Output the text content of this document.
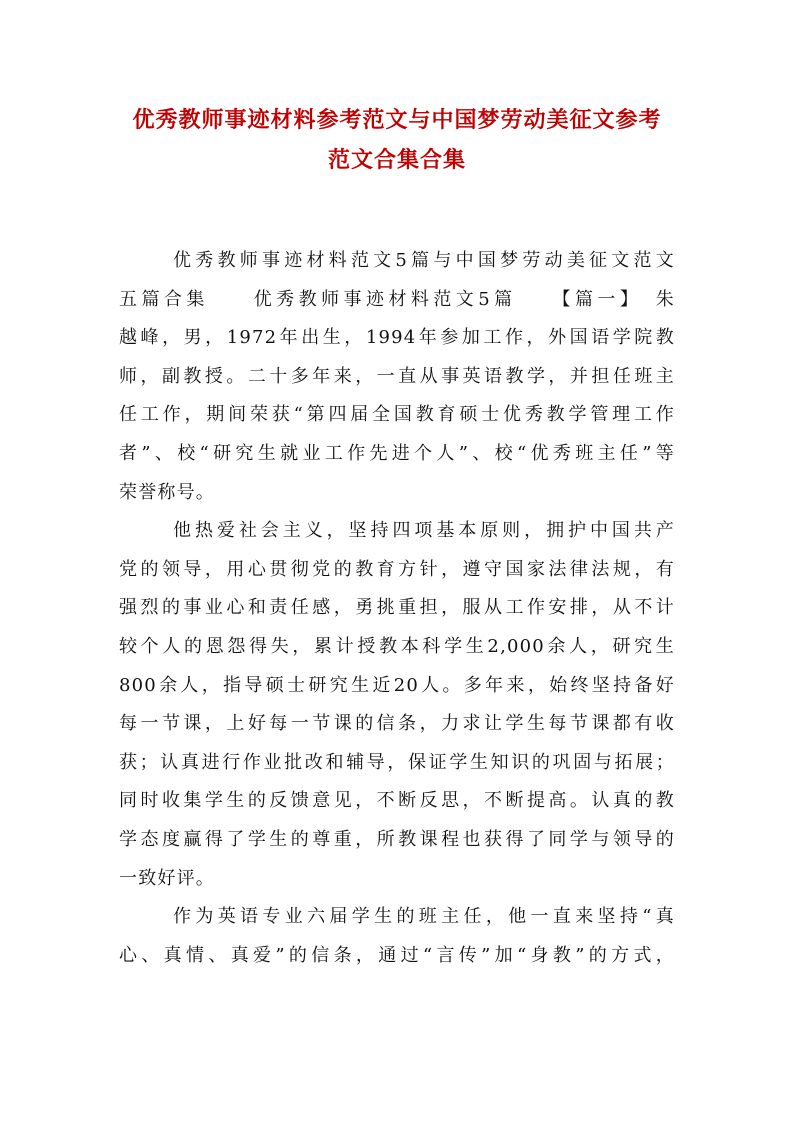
优秀教师事迹材料参考范文与中国梦劳动美征文参考
范文合集合集

优秀教师事迹材料范文5篇与中国梦劳动美征文范文
五篇合集　　优秀教师事迹材料范文5篇　　【篇一】　朱
越峰，男，1972年出生，1994年参加工作，外国语学院教
师，副教授。二十多年来，一直从事英语教学，并担任班主
任工作，期间荣获“第四届全国教育硕士优秀教学管理工作
者”、校“研究生就业工作先进个人”、校“优秀班主任”等
荣誉称号。

他热爱社会主义，坚持四项基本原则，拥护中国共产
党的领导，用心贯彻党的教育方针，遵守国家法律法规，有
强烈的事业心和责任感，勇挑重担，服从工作安排，从不计
较个人的恩怨得失，累计授教本科学生2,000余人，研究生
800余人，指导硕士研究生近20人。多年来，始终坚持备好
每一节课，上好每一节课的信条，力求让学生每节课都有收
获；认真进行作业批改和辅导，保证学生知识的巩固与拓展；
同时收集学生的反馈意见，不断反思，不断提高。认真的教
学态度赢得了学生的尊重，所教课程也获得了同学与领导的
一致好评。

作为英语专业六届学生的班主任，他一直来坚持“真
心、真情、真爱”的信条，通过“言传”加“身教”的方式，
